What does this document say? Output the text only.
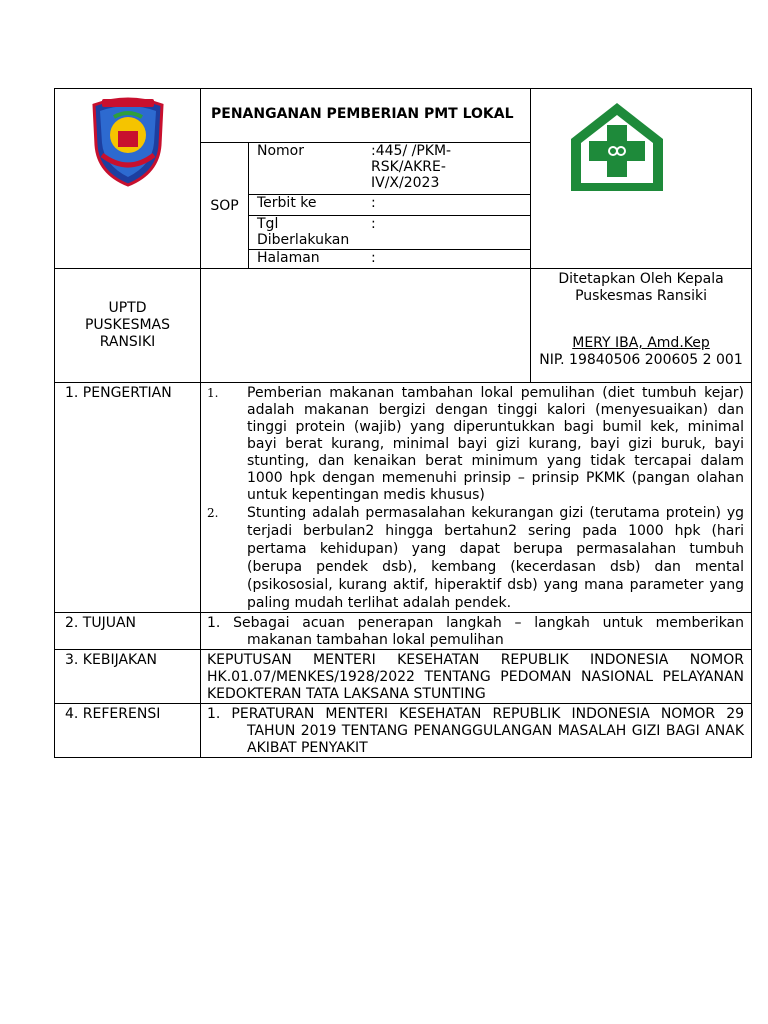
	PENANGANAN PEMBERIAN PMT LOKAL	
SOP	
Nomor	:445/ /PKM-RSK/AKRE-IV/X/2023
Terbit ke	:
Tgl Diberlakukan	:
Halaman	:

UPTD PUSKESMAS RANSIKI		
Ditetapkan Oleh Kepala Puskesmas Ransiki
MERY IBA, Amd.Kep
NIP. 19840506 200605 2 001

1. PENGERTIAN	1.	Pemberian makanan tambahan lokal pemulihan (diet tumbuh kejar) adalah makanan bergizi dengan tinggi kalori (menyesuaikan) dan tinggi protein (wajib) yang diperuntukkan bagi bumil kek, minimal bayi berat kurang, minimal bayi gizi kurang, bayi gizi buruk, bayi stunting, dan kenaikan berat minimum yang tidak tercapai dalam 1000 hpk dengan memenuhi prinsip – prinsip PKMK (pangan olahan untuk kepentingan medis khusus)
2.	Stunting adalah permasalahan kekurangan gizi (terutama protein) yg terjadi berbulan2 hingga bertahun2 sering pada 1000 hpk (hari pertama kehidupan) yang dapat berupa permasalahan tumbuh (berupa pendek dsb), kembang (kecerdasan dsb) dan mental (psikososial, kurang aktif, hiperaktif dsb) yang mana parameter yang paling mudah terlihat adalah pendek.

2. TUJUAN	1. Sebagai acuan penerapan langkah – langkah untuk memberikan makanan tambahan lokal pemulihan

3. KEBIJAKAN	KEPUTUSAN MENTERI KESEHATAN REPUBLIK INDONESIA NOMOR HK.01.07/MENKES/1928/2022 TENTANG PEDOMAN NASIONAL PELAYANAN KEDOKTERAN TATA LAKSANA STUNTING
4. REFERENSI	1. PERATURAN MENTERI KESEHATAN REPUBLIK INDONESIA NOMOR 29 TAHUN 2019 TENTANG PENANGGULANGAN MASALAH GIZI BAGI ANAK AKIBAT PENYAKIT
